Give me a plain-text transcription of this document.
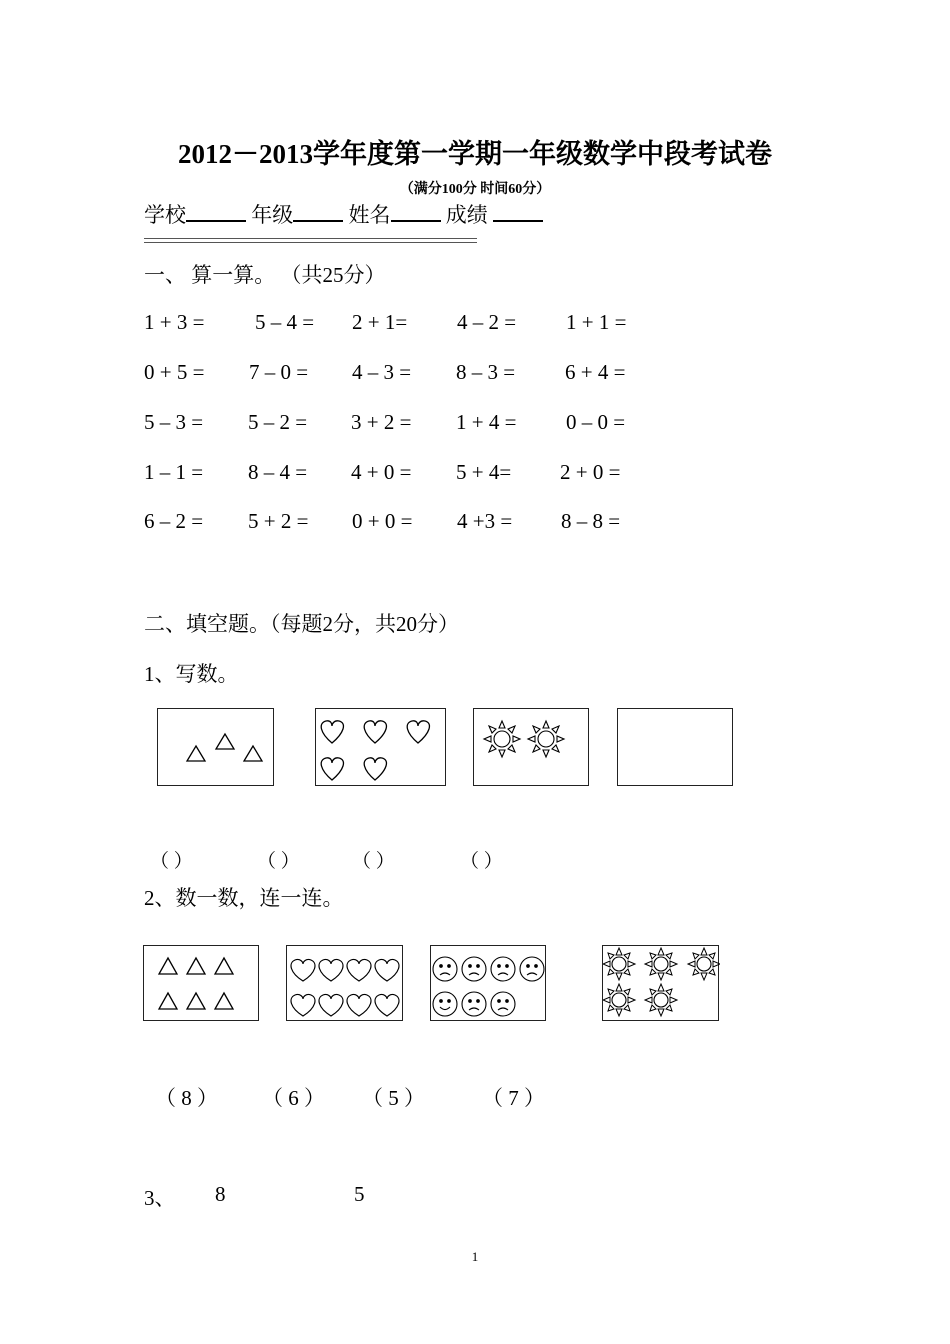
2012－2013学年度第一学期一年级数学中段考试卷
（满分100分 时间60分）
学校	年级	姓名	成绩
一、 算一算。 （共25分）
1 + 3 = 5 – 4 = 2 + 1= 4 – 2 = 1 + 1 =
0 + 5 = 7 – 0 = 4 – 3 = 8 – 3 = 6 + 4 =
5 – 3 = 5 – 2 = 3 + 2 = 1 + 4 = 0 – 0 =
1 – 1 = 8 – 4 = 4 + 0 = 5 + 4= 2 + 0 =
6 – 2 = 5 + 2 = 0 + 0 = 4 +3 = 8 – 8 =
二、填空题。（每题2分，共20分）
1、写数。
（ ）	（ ）	（ ）	（ ）
2、数一数，连一连。
（ 8 ） （ 6 ） （ 5 ）	（ 7 ）
3、 8	5
1
